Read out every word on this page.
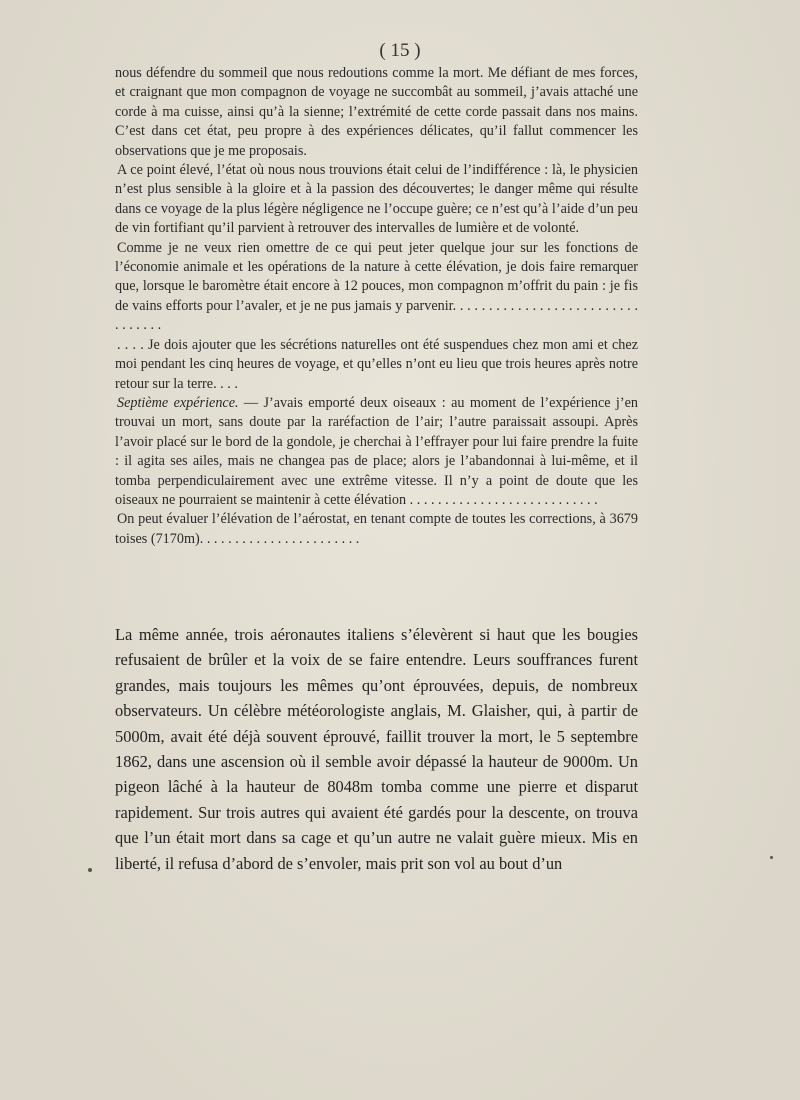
( 15 )

nous défendre du sommeil que nous redoutions comme la mort. Me défiant de mes forces, et craignant que mon compagnon de voyage ne succombât au sommeil, j’avais attaché une corde à ma cuisse, ainsi qu’à la sienne; l’extrémité de cette corde passait dans nos mains. C’est dans cet état, peu propre à des expériences délicates, qu’il fallut commencer les observations que je me proposais.

A ce point élevé, l’état où nous nous trouvions était celui de l’indifférence : là, le physicien n’est plus sensible à la gloire et à la passion des découvertes; le danger même qui résulte dans ce voyage de la plus légère négligence ne l’occupe guère; ce n’est qu’à l’aide d’un peu de vin fortifiant qu’il parvient à retrouver des intervalles de lumière et de volonté.

Comme je ne veux rien omettre de ce qui peut jeter quelque jour sur les fonctions de l’économie animale et les opérations de la nature à cette élévation, je dois faire remarquer que, lorsque le baromètre était encore à 12 pouces, mon compagnon m’offrit du pain : je fis de vains efforts pour l’avaler, et je ne pus jamais y parvenir. . . . . . . . . . . . . . . . . . . . . . . . . . . . . . . . .

. . . . Je dois ajouter que les sécrétions naturelles ont été suspendues chez mon ami et chez moi pendant les cinq heures de voyage, et qu’elles n’ont eu lieu que trois heures après notre retour sur la terre. . . .

Septième expérience. — J’avais emporté deux oiseaux : au moment de l’expérience j’en trouvai un mort, sans doute par la raréfaction de l’air; l’autre paraissait assoupi. Après l’avoir placé sur le bord de la gondole, je cherchai à l’effrayer pour lui faire prendre la fuite : il agita ses ailes, mais ne changea pas de place; alors je l’abandonnai à lui-même, et il tomba perpendiculairement avec une extrême vitesse. Il n’y a point de doute que les oiseaux ne pourraient se maintenir à cette élévation . . . . . . . . . . . . . . . . . . . . . . . . . . .

On peut évaluer l’élévation de l’aérostat, en tenant compte de toutes les corrections, à 3679 toises (7170m). . . . . . . . . . . . . . . . . . . . . . .

La même année, trois aéronautes italiens s’élevèrent si haut que les bougies refusaient de brûler et la voix de se faire entendre. Leurs souffrances furent grandes, mais toujours les mêmes qu’ont éprouvées, depuis, de nombreux observateurs. Un célèbre météorologiste anglais, M. Glaisher, qui, à partir de 5000m, avait été déjà souvent éprouvé, faillit trouver la mort, le 5 septembre 1862, dans une ascension où il semble avoir dépassé la hauteur de 9000m. Un pigeon lâché à la hauteur de 8048m tomba comme une pierre et disparut rapidement. Sur trois autres qui avaient été gardés pour la descente, on trouva que l’un était mort dans sa cage et qu’un autre ne valait guère mieux. Mis en liberté, il refusa d’abord de s’envoler, mais prit son vol au bout d’un
